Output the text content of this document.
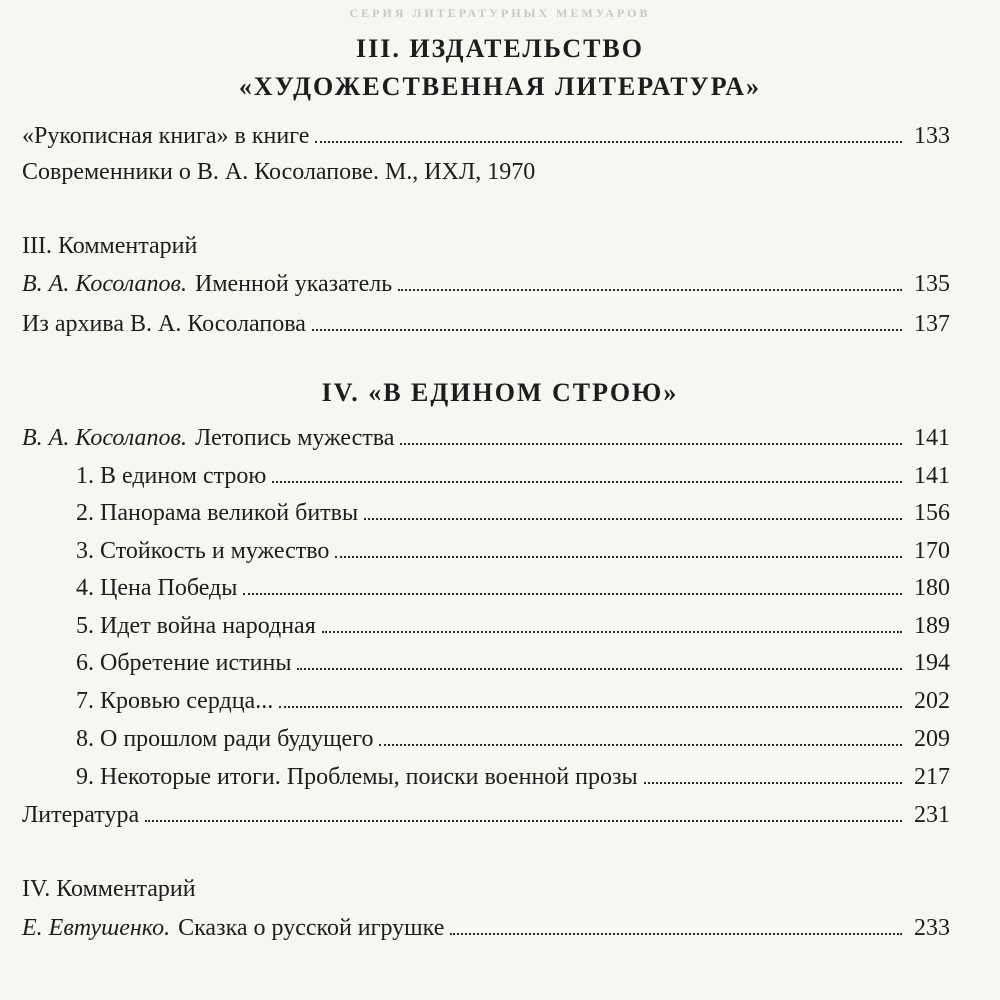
СЕРИЯ ЛИТЕРАТУРНЫХ МЕМУАРОВ
III. ИЗДАТЕЛЬСТВО
«ХУДОЖЕСТВЕННАЯ ЛИТЕРАТУРА»
«Рукописная книга» в книге	133
Современники о В. А. Косолапове. М., ИХЛ, 1970
III. Комментарий
В. А. Косолапов. Именной указатель	135
Из архива В. А. Косолапова	137
IV. «В ЕДИНОМ СТРОЮ»
В. А. Косолапов. Летопись мужества	141
1. В едином строю	141
2. Панорама великой битвы	156
3. Стойкость и мужество	170
4. Цена Победы	180
5. Идет война народная	189
6. Обретение истины	194
7. Кровью сердца...	202
8. О прошлом ради будущего	209
9. Некоторые итоги. Проблемы, поиски военной прозы	217
Литература	231
IV. Комментарий
Е. Евтушенко. Сказка о русской игрушке	233
